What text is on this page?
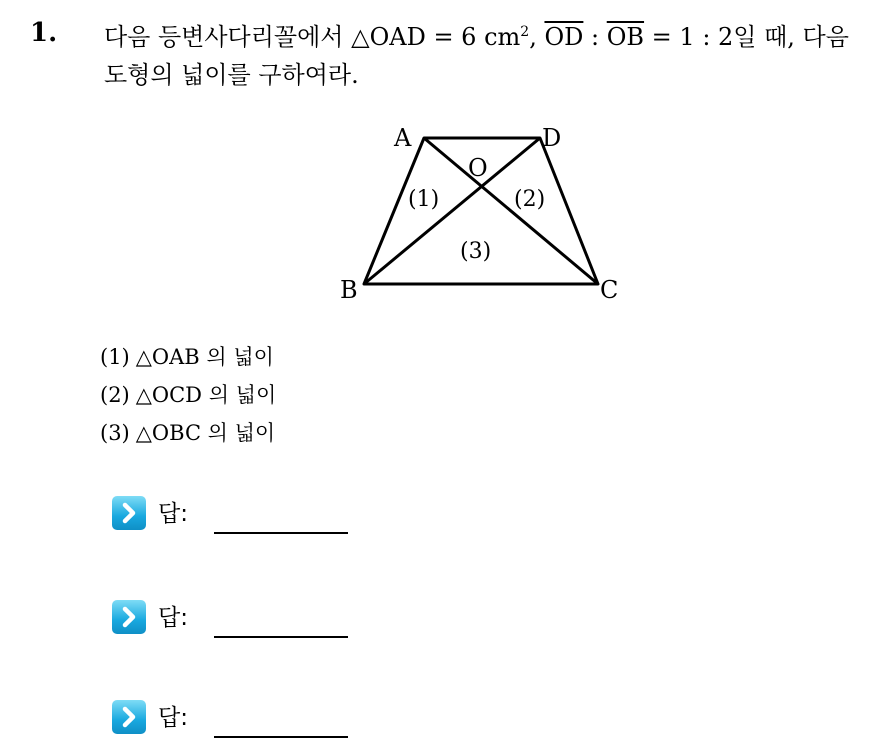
1. 다음 등변사다리꼴에서 △OAD = 6 $cm^2$, $\overline{OD}$ : $\overline{OB} = 1$ : 2일 때, 다음
도형의 넓이를 구하여라.
A	D
O
B	C
(1)	(2)
(3)
(1) △OAB 의 넓이
(2) △OCD 의 넓이
(3) △OBC 의 넓이
답:
답:
답:
